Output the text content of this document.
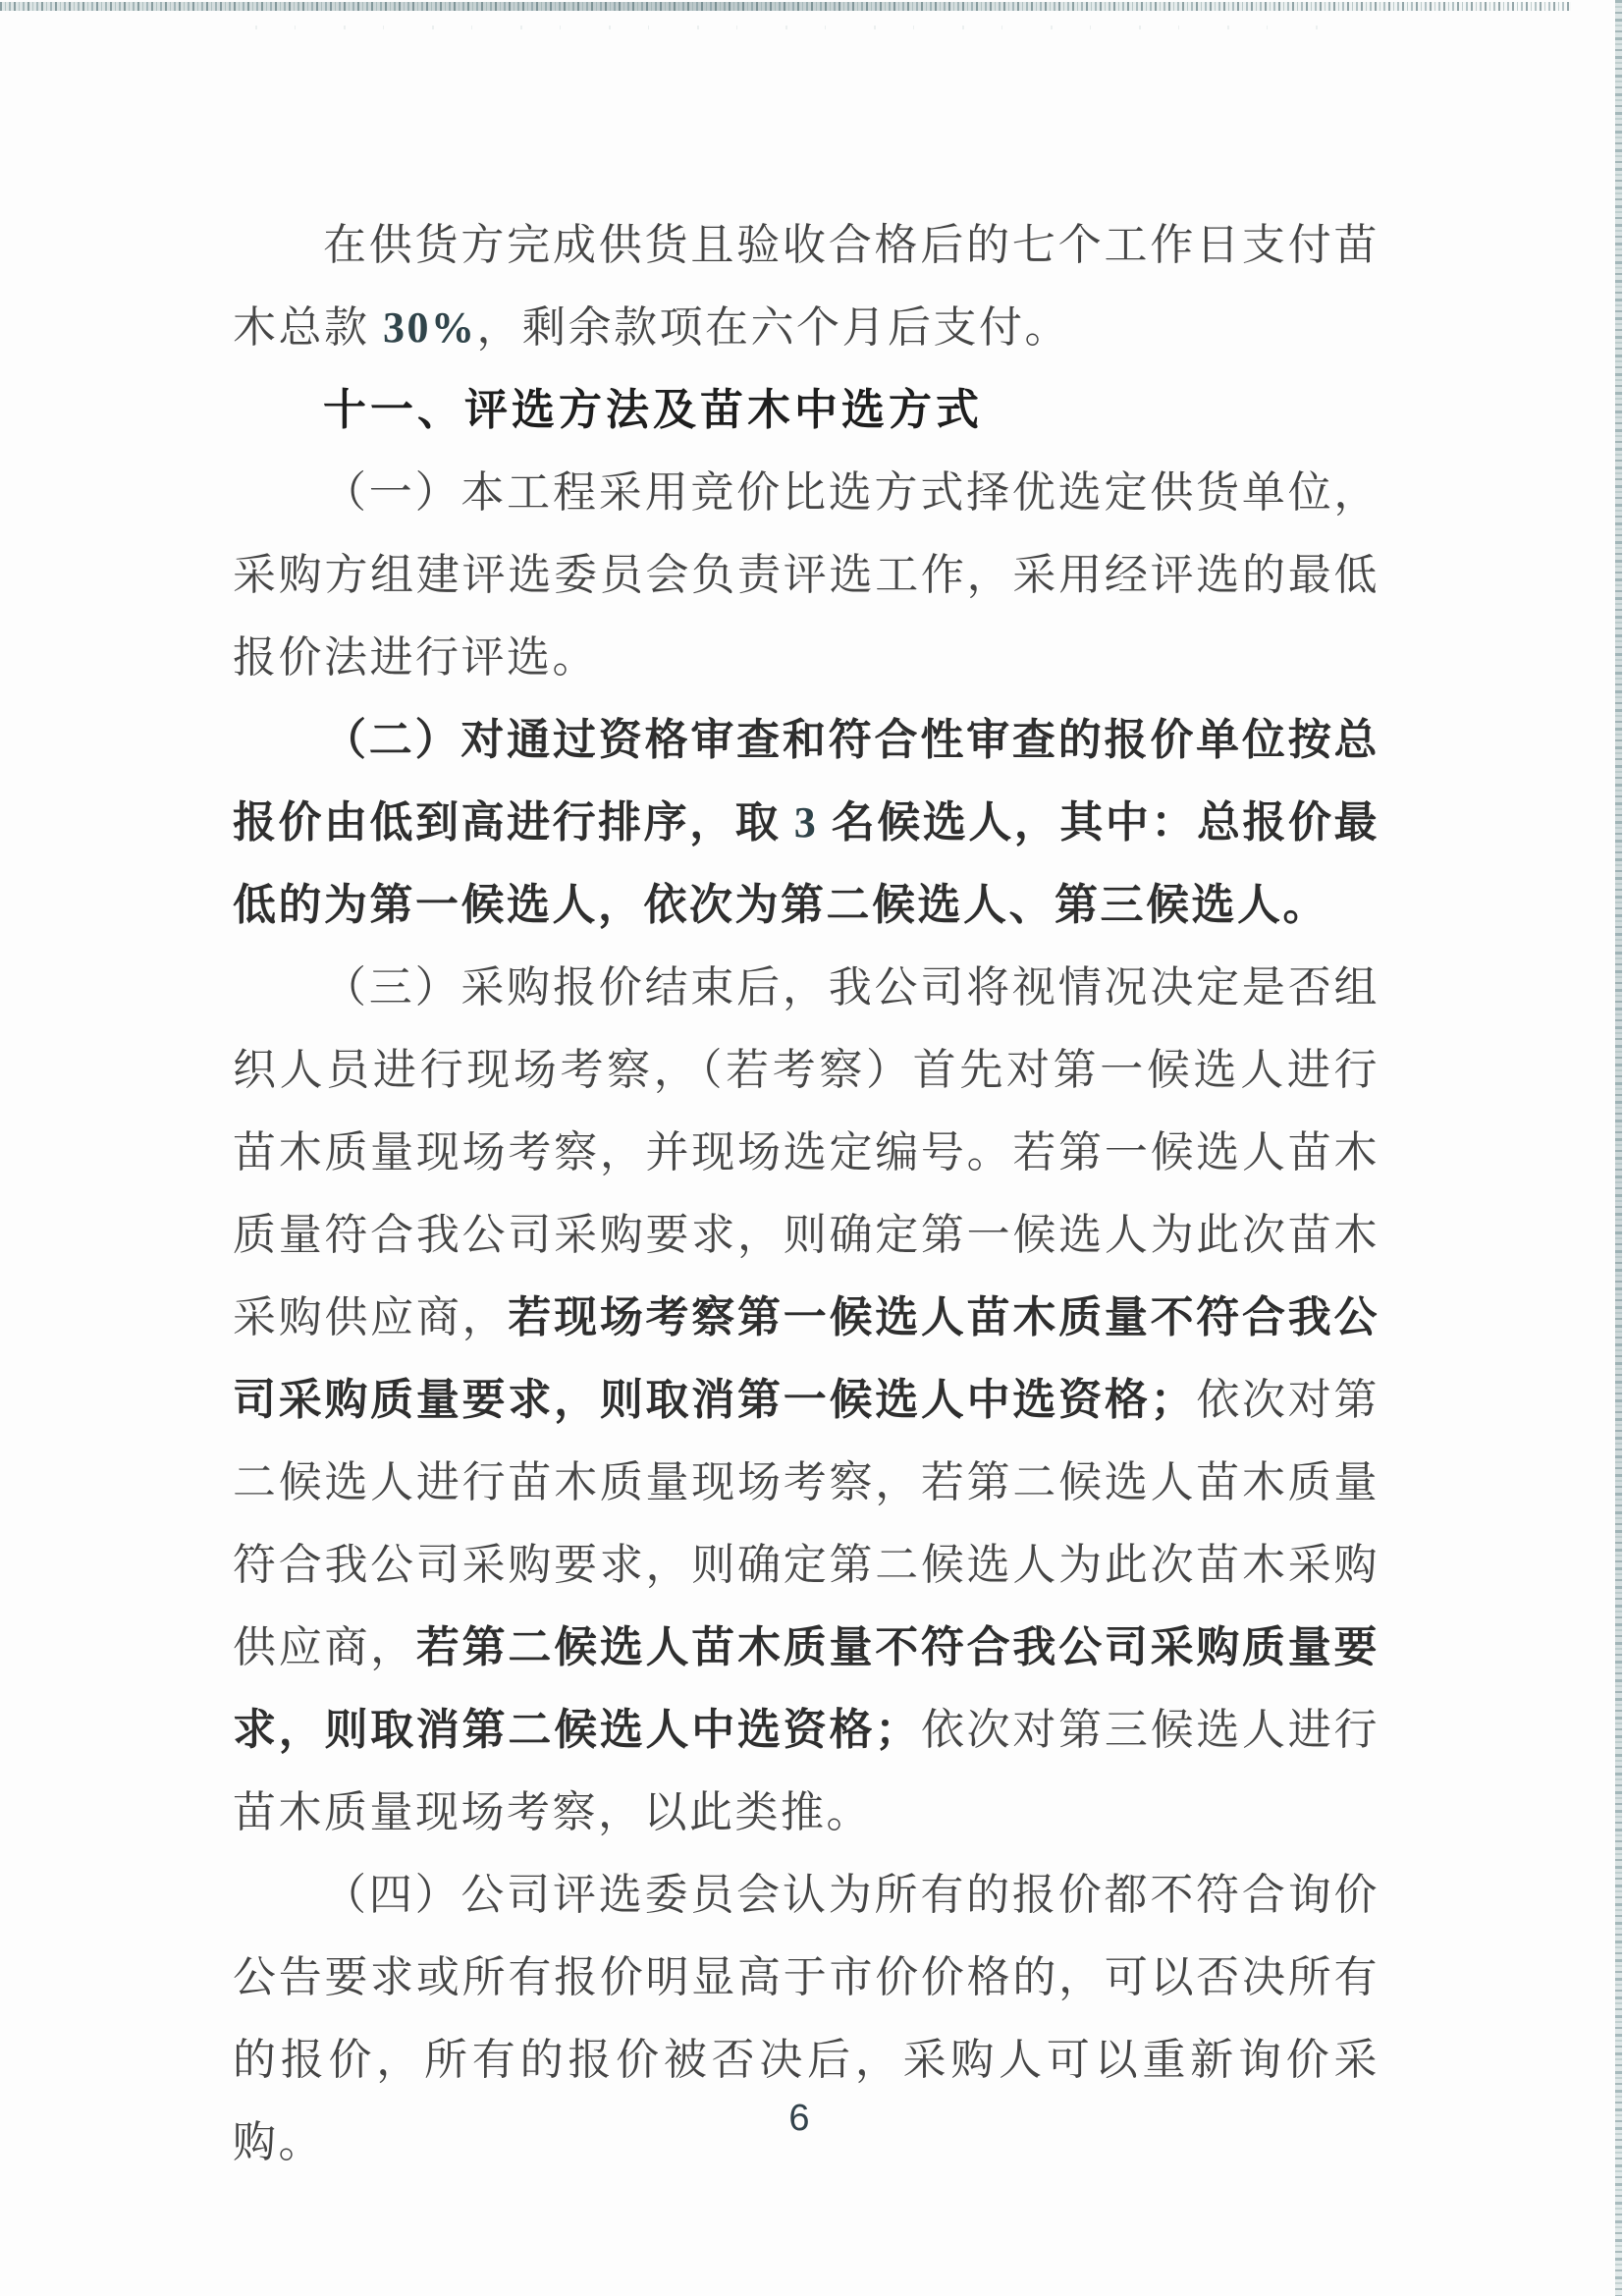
在供货方完成供货且验收合格后的七个工作日支付苗木总款 30%，剩余款项在六个月后支付。

十一、评选方法及苗木中选方式

（一）本工程采用竞价比选方式择优选定供货单位，采购方组建评选委员会负责评选工作，采用经评选的最低报价法进行评选。

（二）对通过资格审查和符合性审查的报价单位按总报价由低到高进行排序，取 3 名候选人，其中：总报价最低的为第一候选人，依次为第二候选人、第三候选人。

（三）采购报价结束后，我公司将视情况决定是否组织人员进行现场考察，（若考察）首先对第一候选人进行苗木质量现场考察，并现场选定编号。若第一候选人苗木质量符合我公司采购要求，则确定第一候选人为此次苗木采购供应商，若现场考察第一候选人苗木质量不符合我公司采购质量要求，则取消第一候选人中选资格；依次对第二候选人进行苗木质量现场考察，若第二候选人苗木质量符合我公司采购要求，则确定第二候选人为此次苗木采购供应商，若第二候选人苗木质量不符合我公司采购质量要求，则取消第二候选人中选资格；依次对第三候选人进行苗木质量现场考察，以此类推。

（四）公司评选委员会认为所有的报价都不符合询价公告要求或所有报价明显高于市价价格的，可以否决所有的报价，所有的报价被否决后，采购人可以重新询价采购。	6
